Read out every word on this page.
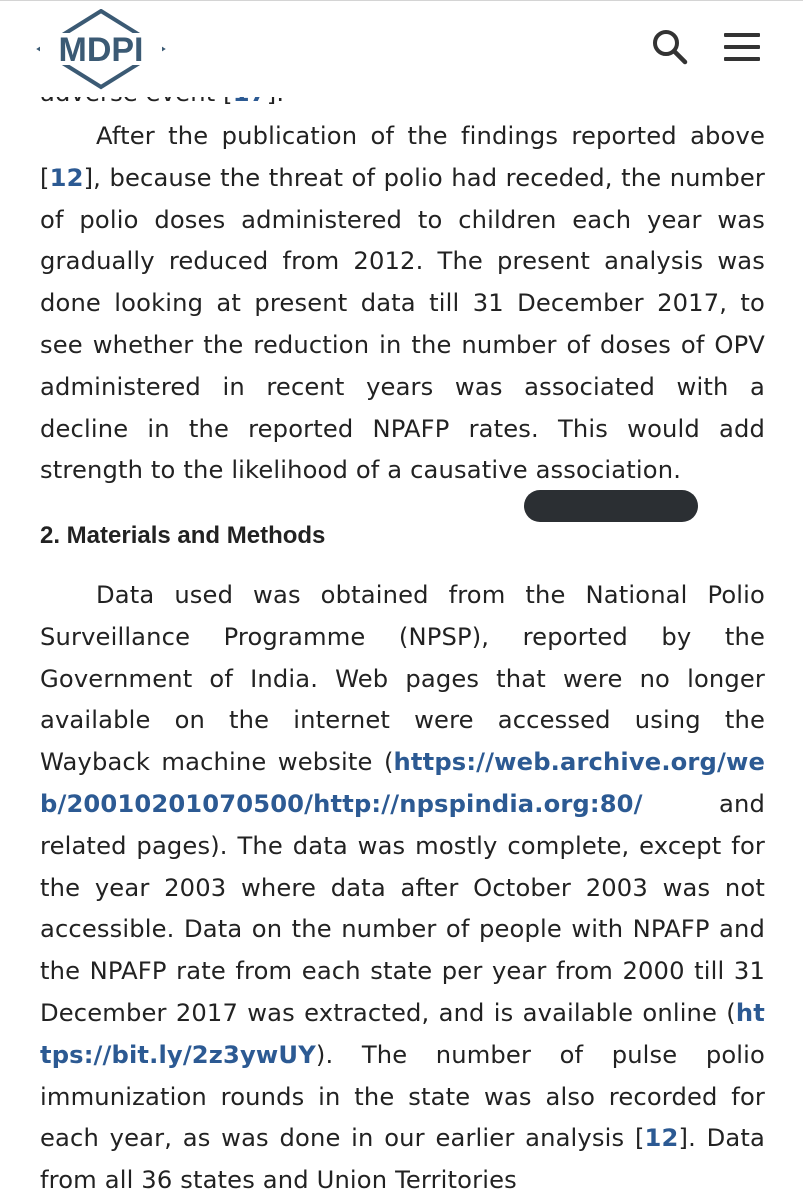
MDPI

After the publication of the findings reported above [12], because the threat of polio had receded, the number of polio doses administered to children each year was gradually reduced from 2012. The present analysis was done looking at present data till 31 December 2017, to see whether the reduction in the number of doses of OPV administered in recent years was associated with a decline in the reported NPAFP rates. This would add strength to the likelihood of a causative association.

2. Materials and Methods

Data used was obtained from the National Polio Surveillance Programme (NPSP), reported by the Government of India. Web pages that were no longer available on the internet were accessed using the Wayback machine website (https://web.archive.org/web/20010201070500/http://npspindia.org:80/ and related pages). The data was mostly complete, except for the year 2003 where data after October 2003 was not accessible. Data on the number of people with NPAFP and the NPAFP rate from each state per year from 2000 till 31 December 2017 was extracted, and is available online (https://bit.ly/2z3ywUY). The number of pulse polio immunization rounds in the state was also recorded for each year, as was done in our earlier analysis [12]. Data from all 36 states and Union Territories
